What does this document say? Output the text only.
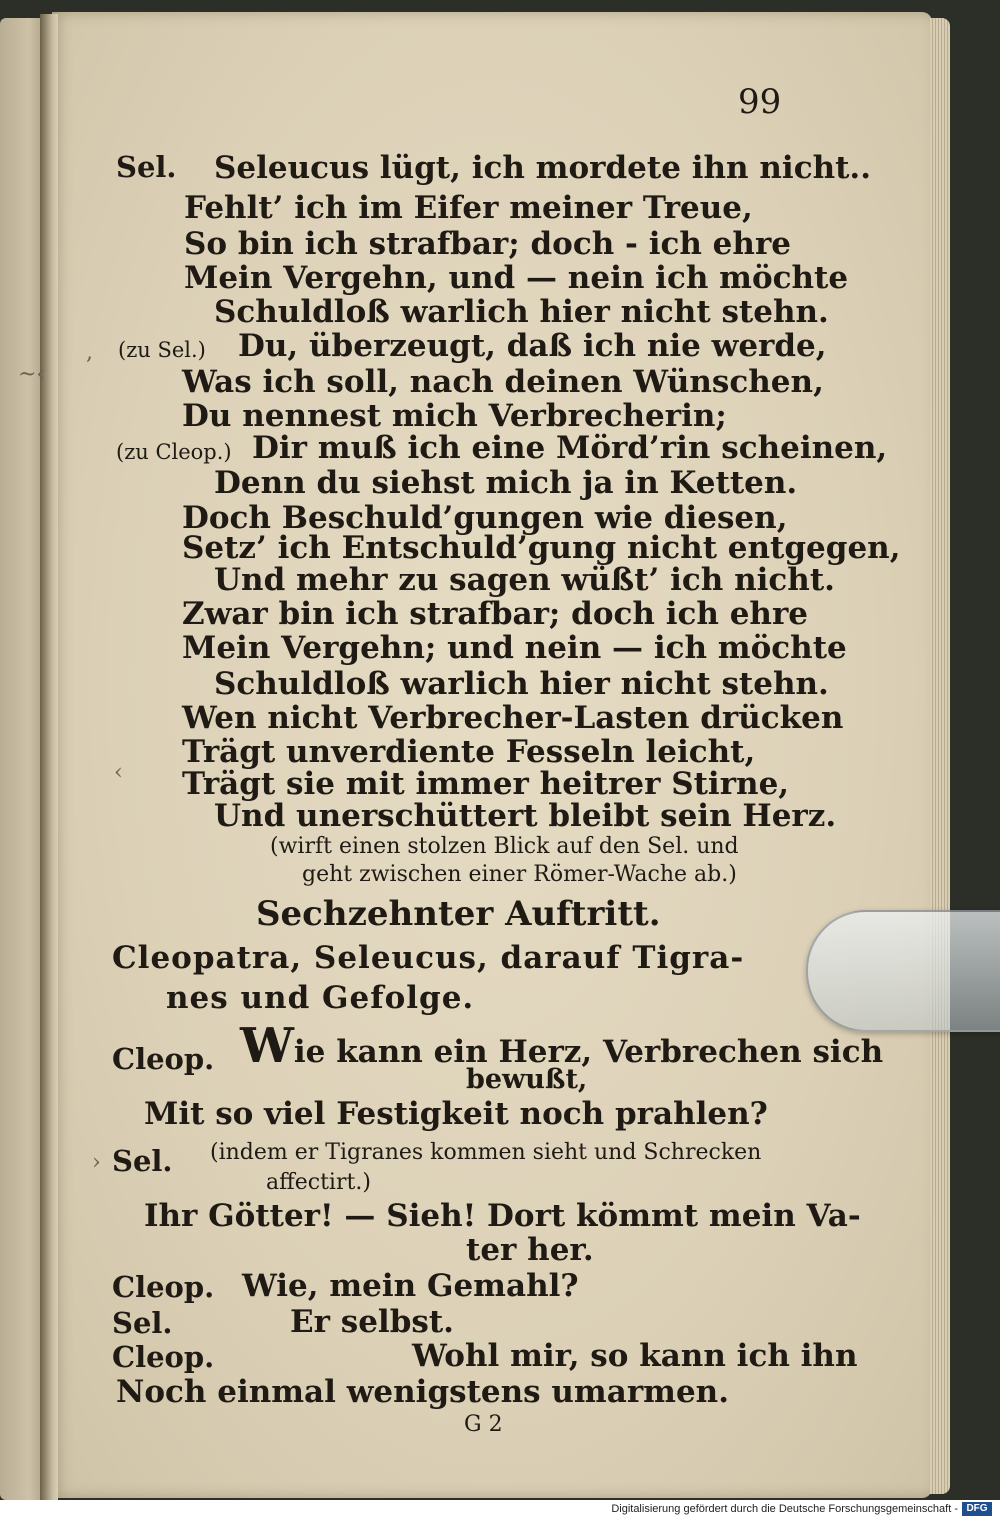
,
~‹
‹
›
99
Sel. Seleucus lügt, ich mordete ihn nicht..
Fehlt’ ich im Eifer meiner Treue,
So bin ich strafbar; doch - ich ehre
Mein Vergehn, und — nein ich möchte
Schuldloß warlich hier nicht stehn.
(zu Sel.) Du, überzeugt, daß ich nie werde,
Was ich soll, nach deinen Wünschen,
Du nennest mich Verbrecherin;
(zu Cleop.) Dir muß ich eine Mörd’rin scheinen,
Denn du siehst mich ja in Ketten.
Doch Beschuld’gungen wie diesen,
Setz’ ich Entschuld’gung nicht entgegen,
Und mehr zu sagen wüßt’ ich nicht.
Zwar bin ich strafbar; doch ich ehre
Mein Vergehn; und nein — ich möchte
Schuldloß warlich hier nicht stehn.
Wen nicht Verbrecher-Lasten drücken
Trägt unverdiente Fesseln leicht,
Trägt sie mit immer heitrer Stirne,
Und unerschüttert bleibt sein Herz.
(wirft einen stolzen Blick auf den Sel. und
geht zwischen einer Römer-Wache ab.)
Sechzehnter Auftritt.
Cleopatra, Seleucus, darauf Tigra-
nes und Gefolge.
Cleop. Wie kann ein Herz, Verbrechen sich
bewußt,
Mit so viel Festigkeit noch prahlen?
Sel. (indem er Tigranes kommen sieht und Schrecken
affectirt.)
Ihr Götter! — Sieh! Dort kömmt mein Va-
ter her.
Cleop. Wie, mein Gemahl?
Sel.	Er selbst.
Cleop.	Wohl mir, so kann ich ihn
Noch einmal wenigstens umarmen.
G 2
Digitalisierung gefördert durch die Deutsche Forschungsgemeinschaft - DFG
